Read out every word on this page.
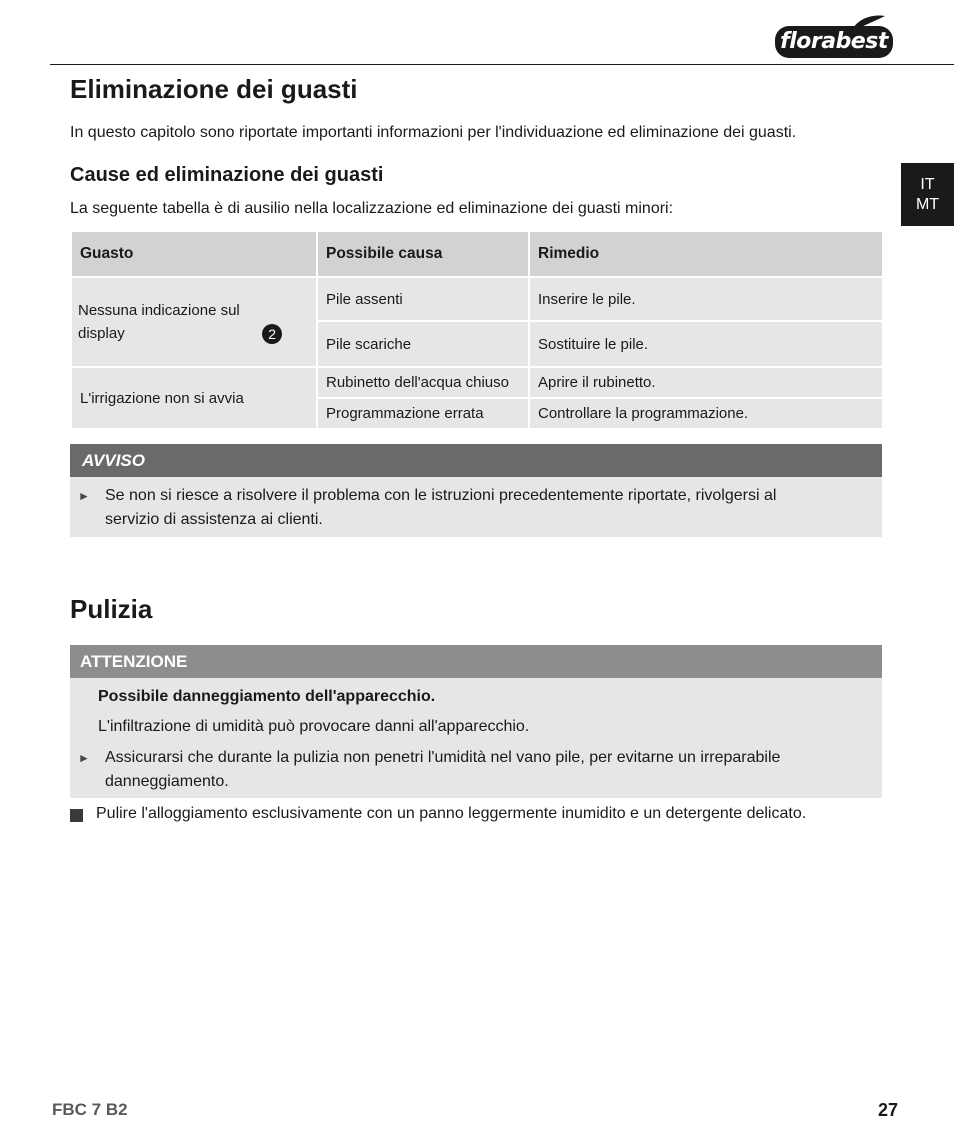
florabest
IT
MT
Eliminazione dei guasti
In questo capitolo sono riportate importanti informazioni per l'individuazione ed eliminazione dei guasti.
Cause ed eliminazione dei guasti
La seguente tabella è di ausilio nella localizzazione ed eliminazione dei guasti minori:
Guasto	Possibile causa	Rimedio
Nessuna indicazione sul display 2	Pile assenti	Inserire le pile.
	Pile scariche	Sostituire le pile.
L'irrigazione non si avvia	Rubinetto dell'acqua chiuso	Aprire il rubinetto.
	Programmazione errata	Controllare la programmazione.
AVVISO
► Se non si riesce a risolvere il problema con le istruzioni precedentemente riportate, rivolgersi al
servizio di assistenza ai clienti.
Pulizia
ATTENZIONE
Possibile danneggiamento dell'apparecchio.
L'infiltrazione di umidità può provocare danni all'apparecchio.
► Assicurarsi che durante la pulizia non penetri l'umidità nel vano pile, per evitarne un irreparabile
danneggiamento.
Pulire l'alloggiamento esclusivamente con un panno leggermente inumidito e un detergente delicato.
FBC 7 B2	27
